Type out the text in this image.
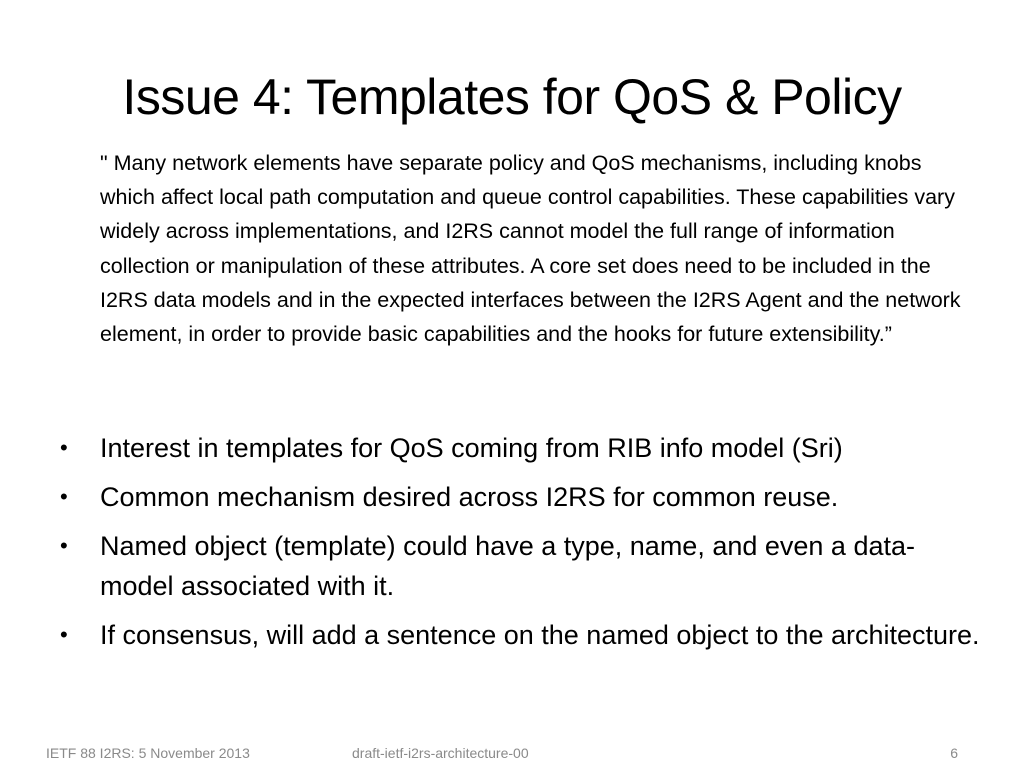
Issue 4: Templates for QoS & Policy

" Many network elements have separate policy and QoS mechanisms, including knobs which affect local path computation and queue control capabilities. These capabilities vary widely across implementations, and I2RS cannot model the full range of information collection or manipulation of these attributes. A core set does need to be included in the I2RS data models and in the expected interfaces between the I2RS Agent and the network element, in order to provide basic capabilities and the hooks for future extensibility.”

• Interest in templates for QoS coming from RIB info model (Sri)
• Common mechanism desired across I2RS for common reuse.
• Named object (template) could have a type, name, and even a data-model associated with it.
• If consensus, will add a sentence on the named object to the architecture.
IETF 88 I2RS: 5 November 2013	draft-ietf-i2rs-architecture-00	6
